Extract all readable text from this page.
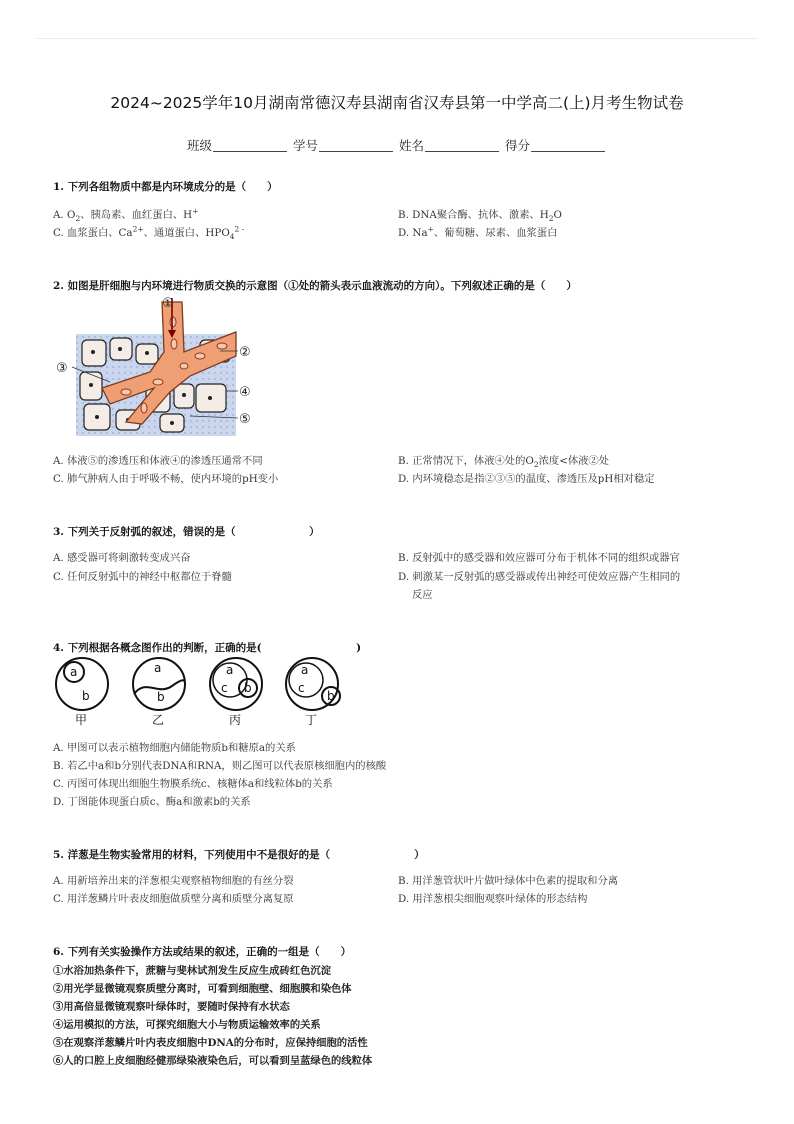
2024~2025学年10月湖南常德汉寿县湖南省汉寿县第一中学高二(上)月考生物试卷
班级	学号	姓名	得分
1. 下列各组物质中都是内环境成分的是（　　）
A. $O_2$、胰岛素、血红蛋白、H+	B. DNA聚合酶、抗体、激素、$H_2O$
C. 血浆蛋白、$Ca^{2+}$、通道蛋白、$HPO_4^{2 -}$	D. Na+、葡萄糖、尿素、血浆蛋白
2. 如图是肝细胞与内环境进行物质交换的示意图（①处的箭头表示血液流动的方向）。下列叙述正确的是（　　）
①
②
③
④
⑤
A. 体液⑤的渗透压和体液④的渗透压通常不同	B. 正常情况下，体液④处的$O_2$浓度<体液②处
C. 肺气肿病人由于呼吸不畅，使内环境的pH变小	D. 内环境稳态是指②③⑤的温度、渗透压及pH相对稳定
3. 下列关于反射弧的叙述，错误的是（　　　　　　　）
A. 感受器可将刺激转变成兴奋	B. 反射弧中的感受器和效应器可分布于机体不同的组织或器官
C. 任何反射弧中的神经中枢都位于脊髓	D. 刺激某一反射弧的感受器或传出神经可使效应器产生相同的
反应
4. 下列根据各概念图作出的判断，正确的是(　　　　　　　　　)
a
b
a
b
a
c b
a
c
b
甲	乙	丙	丁
A. 甲图可以表示植物细胞内储能物质b和糖原a的关系
B. 若乙中a和b分别代表DNA和RNA，则乙图可以代表原核细胞内的核酸
C. 丙图可体现出细胞生物膜系统c、核糖体a和线粒体b的关系
D. 丁图能体现蛋白质c、酶a和激素b的关系
5. 洋葱是生物实验常用的材料，下列使用中不是很好的是（　　　　　　　　）
A. 用新培养出来的洋葱根尖观察植物细胞的有丝分裂	B. 用洋葱管状叶片做叶绿体中色素的提取和分离
C. 用洋葱鳞片叶表皮细胞做质壁分离和质壁分离复原	D. 用洋葱根尖细胞观察叶绿体的形态结构
6. 下列有关实验操作方法或结果的叙述，正确的一组是（　　）
①水浴加热条件下，蔗糖与斐林试剂发生反应生成砖红色沉淀
②用光学显微镜观察质壁分离时，可看到细胞壁、细胞膜和染色体
③用高倍显微镜观察叶绿体时，要随时保持有水状态
④运用模拟的方法，可探究细胞大小与物质运输效率的关系
⑤在观察洋葱鳞片叶内表皮细胞中DNA的分布时，应保持细胞的活性
⑥人的口腔上皮细胞经健那绿染液染色后，可以看到呈蓝绿色的线粒体
